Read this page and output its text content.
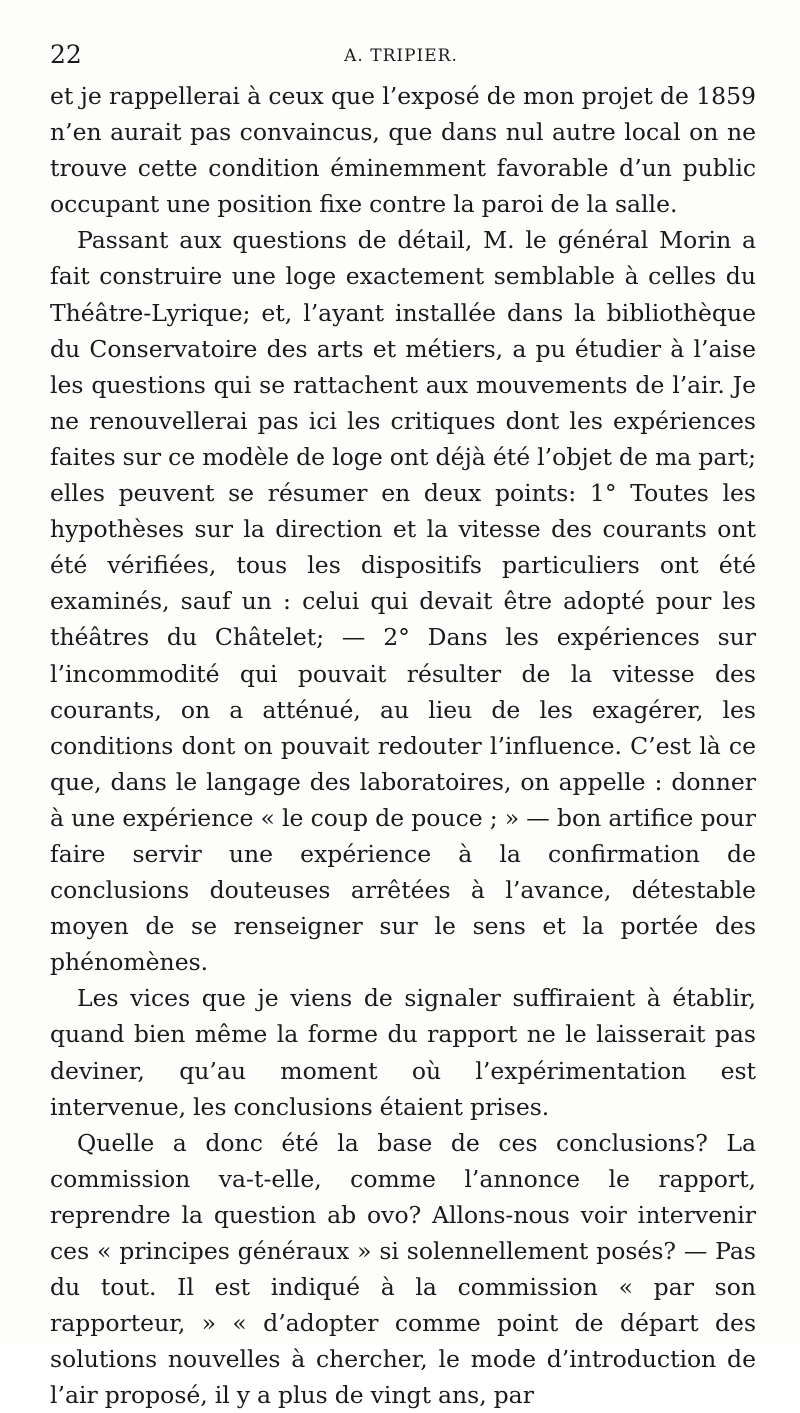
22	A. TRIPIER.

et je rappellerai à ceux que l’exposé de mon projet de 1859 n’en aurait pas convaincus, que dans nul autre local on ne trouve cette condition éminemment favorable d’un public occupant une position fixe contre la paroi de la salle.

Passant aux questions de détail, M. le général Morin a fait construire une loge exactement semblable à celles du Théâtre-Lyrique; et, l’ayant installée dans la bibliothèque du Conservatoire des arts et métiers, a pu étudier à l’aise les questions qui se rattachent aux mouvements de l’air. Je ne renouvellerai pas ici les critiques dont les expériences faites sur ce modèle de loge ont déjà été l’objet de ma part; elles peuvent se résumer en deux points: 1° Toutes les hypothèses sur la direction et la vitesse des courants ont été vérifiées, tous les dispositifs particuliers ont été examinés, sauf un : celui qui devait être adopté pour les théâtres du Châtelet; — 2° Dans les expériences sur l’incommodité qui pouvait résulter de la vitesse des courants, on a atténué, au lieu de les exagérer, les conditions dont on pouvait redouter l’influence. C’est là ce que, dans le langage des laboratoires, on appelle : donner à une expérience « le coup de pouce ; » — bon artifice pour faire servir une expérience à la confirmation de conclusions douteuses arrêtées à l’avance, détestable moyen de se renseigner sur le sens et la portée des phénomènes.

Les vices que je viens de signaler suffiraient à établir, quand bien même la forme du rapport ne le laisserait pas deviner, qu’au moment où l’expérimentation est intervenue, les conclusions étaient prises.

Quelle a donc été la base de ces conclusions? La commission va-t-elle, comme l’annonce le rapport, reprendre la question ab ovo? Allons-nous voir intervenir ces « principes généraux » si solennellement posés? — Pas du tout. Il est indiqué à la commission « par son rapporteur, » « d’adopter comme point de départ des solutions nouvelles à chercher, le mode d’introduction de l’air proposé, il y a plus de vingt ans, par
